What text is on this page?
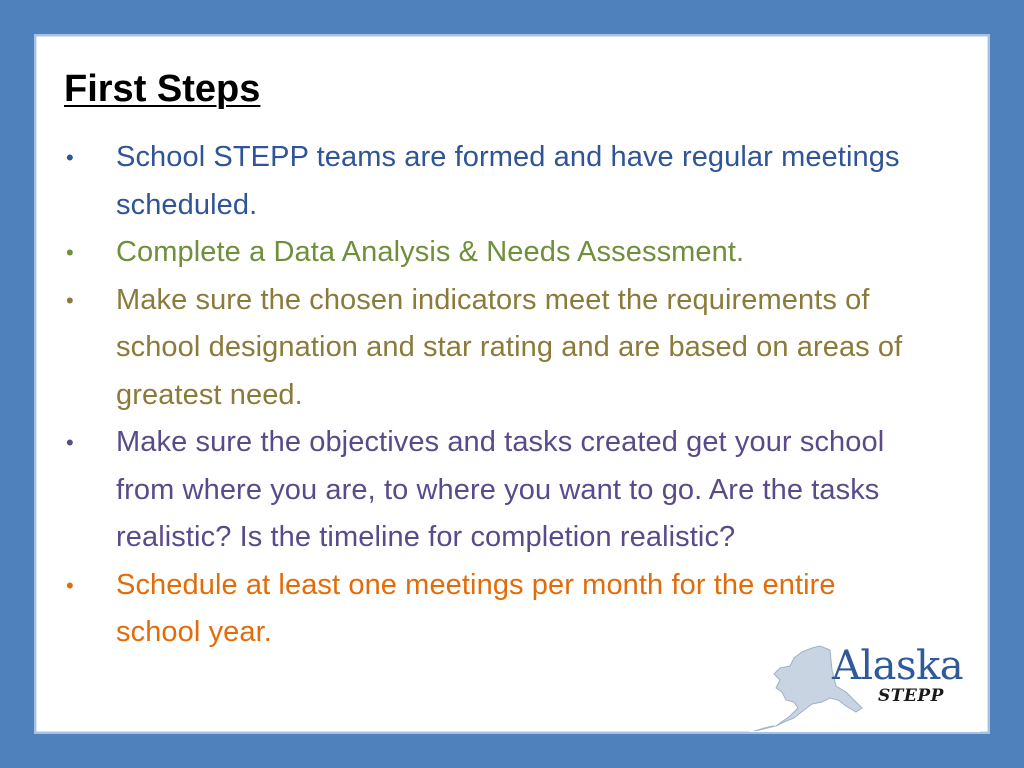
First Steps
•	School STEPP teams are formed and have regular meetings scheduled.
•	Complete a Data Analysis & Needs Assessment.
•	Make sure the chosen indicators meet the requirements of school designation and star rating and are based on areas of greatest need.
•	Make sure the objectives and tasks created get your school from where you are, to where you want to go. Are the tasks realistic? Is the timeline for completion realistic?
•	Schedule at least one meetings per month for the entire school year.
Alaska
STEPP
